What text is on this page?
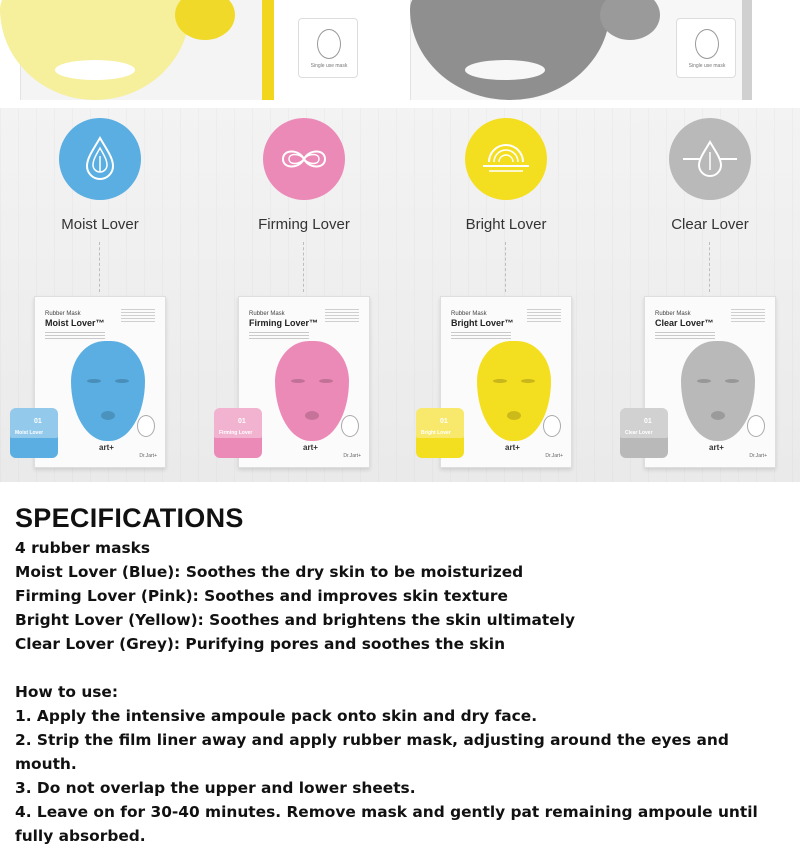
Single use mask	Single use mask
Moist Lover
Rubber Mask
Moist Lover™
art+
Dr.Jart+
01
Moist Lover
Firming Lover
Rubber Mask
Firming Lover™
art+
Dr.Jart+
01
Firming Lover
Bright Lover
Rubber Mask
Bright Lover™
art+
Dr.Jart+
01
Bright Lover
Clear Lover
Rubber Mask
Clear Lover™
art+
Dr.Jart+
01
Clear Lover
SPECIFICATIONS
4 rubber masks
Moist Lover (Blue): Soothes the dry skin to be moisturized
Firming Lover (Pink): Soothes and improves skin texture
Bright Lover (Yellow): Soothes and brightens the skin ultimately
Clear Lover (Grey): Purifying pores and soothes the skin
How to use:
1. Apply the intensive ampoule pack onto skin and dry face.
2. Strip the film liner away and apply rubber mask, adjusting around the eyes and mouth.
3. Do not overlap the upper and lower sheets.
4. Leave on for 30-40 minutes. Remove mask and gently pat remaining ampoule until fully absorbed.
